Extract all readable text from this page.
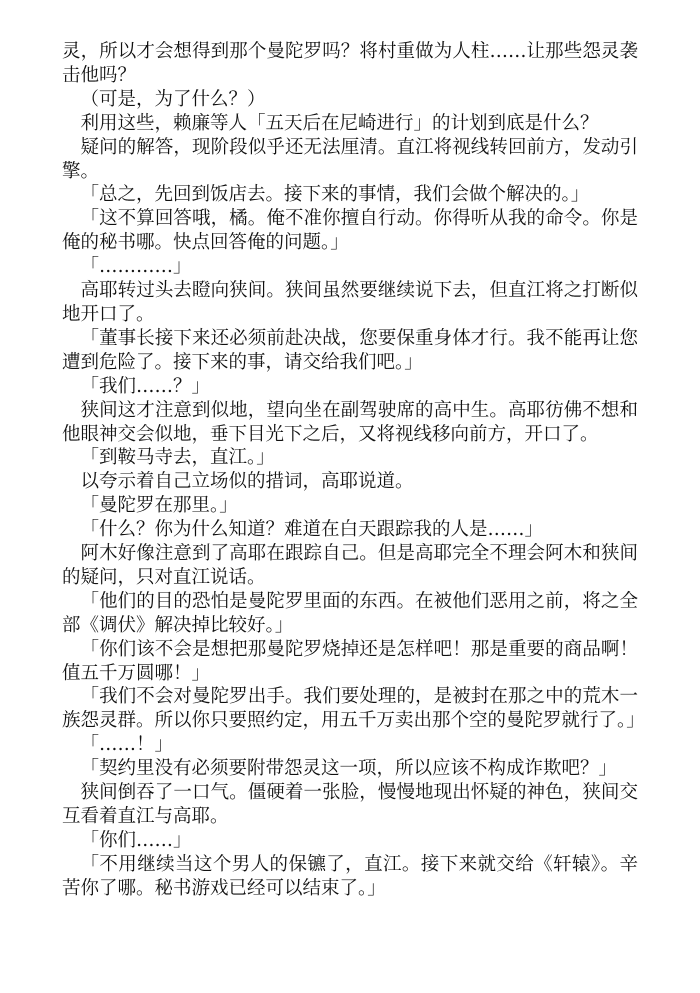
灵，所以才会想得到那个曼陀罗吗？将村重做为人柱……让那些怨灵袭击他吗？

（可是，为了什么？）

利用这些，赖廉等人「五天后在尼崎进行」的计划到底是什么？

疑问的解答，现阶段似乎还无法厘清。直江将视线转回前方，发动引擎。

「总之，先回到饭店去。接下来的事情，我们会做个解决的。」

「这不算回答哦，橘。俺不准你擅自行动。你得听从我的命令。你是俺的秘书哪。快点回答俺的问题。」

「…………」

高耶转过头去瞪向狭间。狭间虽然要继续说下去，但直江将之打断似地开口了。

「董事长接下来还必须前赴决战，您要保重身体才行。我不能再让您遭到危险了。接下来的事，请交给我们吧。」

「我们……？」

狭间这才注意到似地，望向坐在副驾驶席的高中生。高耶彷佛不想和他眼神交会似地，垂下目光下之后，又将视线移向前方，开口了。

「到鞍马寺去，直江。」

以夸示着自己立场似的措词，高耶说道。

「曼陀罗在那里。」

「什么？你为什么知道？难道在白天跟踪我的人是……」

阿木好像注意到了高耶在跟踪自己。但是高耶完全不理会阿木和狭间的疑问，只对直江说话。

「他们的目的恐怕是曼陀罗里面的东西。在被他们恶用之前，将之全部《调伏》解决掉比较好。」

「你们该不会是想把那曼陀罗烧掉还是怎样吧！那是重要的商品啊！值五千万圆哪！」

「我们不会对曼陀罗出手。我们要处理的，是被封在那之中的荒木一族怨灵群。所以你只要照约定，用五千万卖出那个空的曼陀罗就行了。」

「……！」

「契约里没有必须要附带怨灵这一项，所以应该不构成诈欺吧？」

狭间倒吞了一口气。僵硬着一张脸，慢慢地现出怀疑的神色，狭间交互看着直江与高耶。

「你们……」

「不用继续当这个男人的保镳了，直江。接下来就交给《轩辕》。辛苦你了哪。秘书游戏已经可以结束了。」
